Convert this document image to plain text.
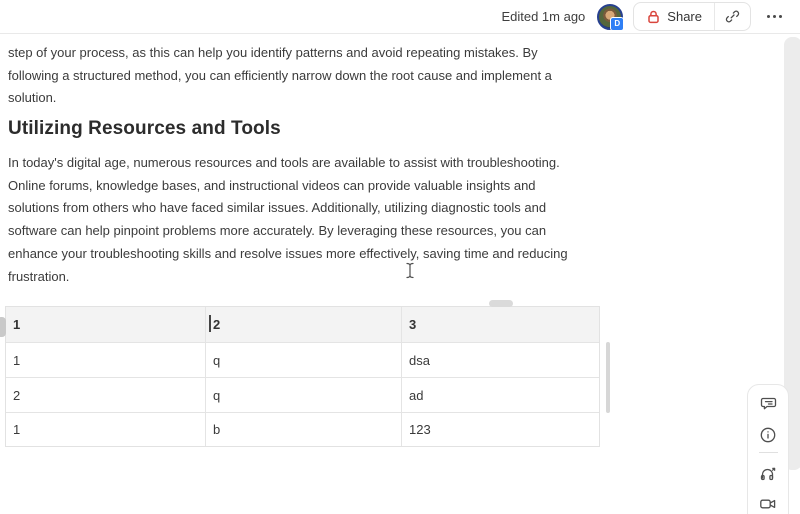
Edited 1m ago	D	Share
step of your process, as this can help you identify patterns and avoid repeating mistakes. By
following a structured method, you can efficiently narrow down the root cause and implement a
solution.
Utilizing Resources and Tools
In today's digital age, numerous resources and tools are available to assist with troubleshooting.
Online forums, knowledge bases, and instructional videos can provide valuable insights and
solutions from others who have faced similar issues. Additionally, utilizing diagnostic tools and
software can help pinpoint problems more accurately. By leveraging these resources, you can
enhance your troubleshooting skills and resolve issues more effectively, saving time and reducing
frustration.
1	2	3
1	q	dsa
2	q	ad
1	b	123
